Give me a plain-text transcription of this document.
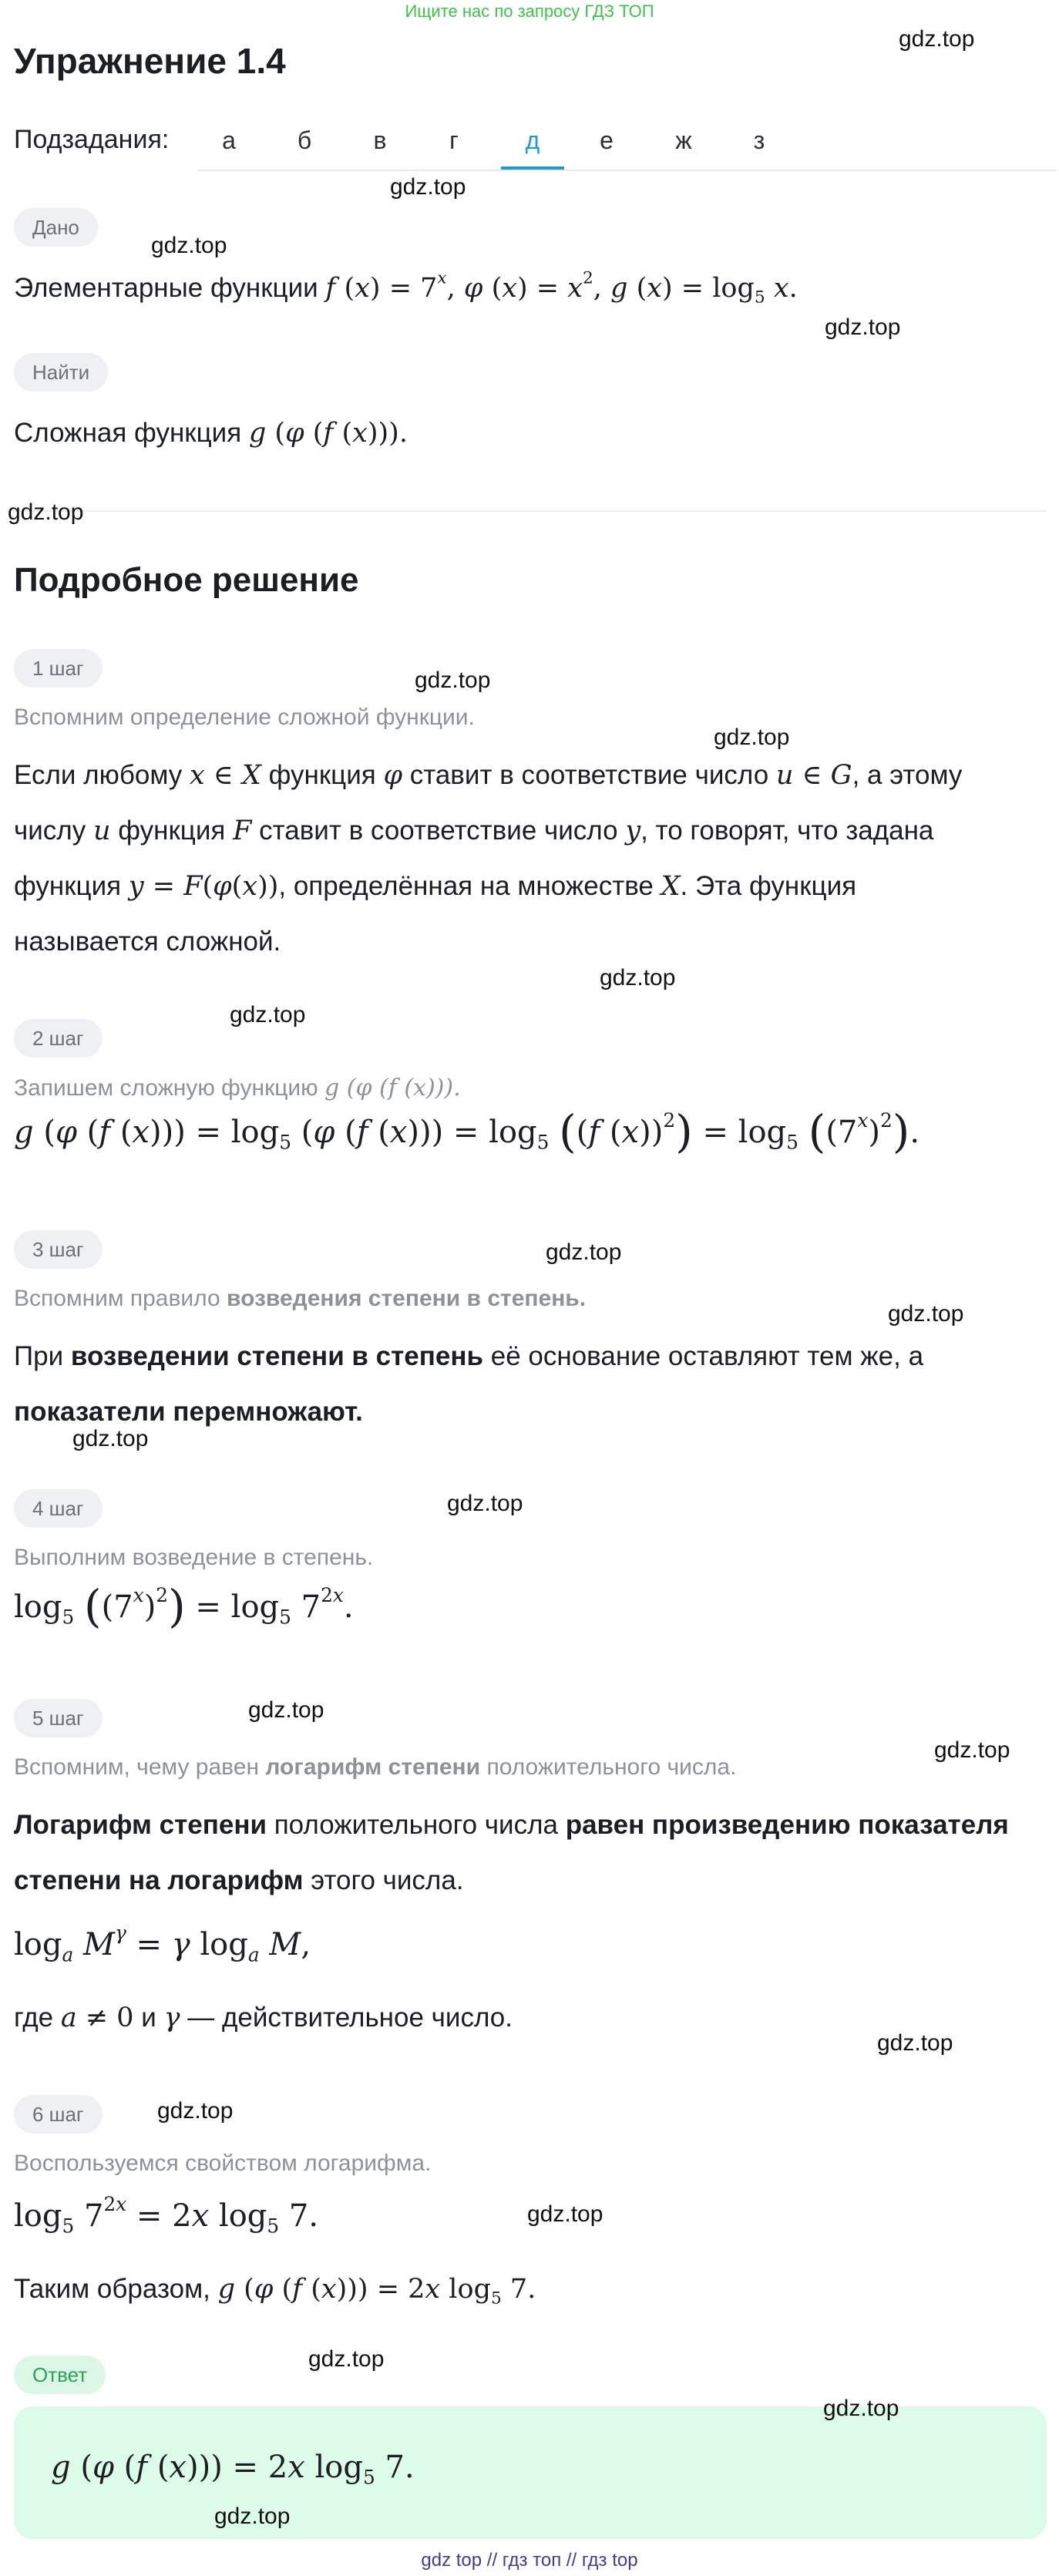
Ищите нас по запросу ГДЗ ТОП
Упражнение 1.4
Подзадания:	а	б	в	г	д	е	ж	з
Дано
Элементарные функции f $(x) = 7^x$, φ $(x) = x^2$, g $(x) = \log_5 x$.
Найти
Сложная функция g (φ (f (x))).
Подробное решение
1 шаг
Вспомним определение сложной функции.
Если любому x ∈ X функция φ ставит в соответствие число u ∈ G, а этому
числу u функция F ставит в соответствие число y, то говорят, что задана
функция y = F(φ(x)), определённая на множестве X. Эта функция
называется сложной.
2 шаг
Запишем сложную функцию g (φ (f (x))).
g (φ (f $(x))) = \log_5 (\varphi$ (f $(x))) = \log_5 ((f$ $(x))^2) = \log_5 ((7^x)^2)$.
3 шаг
Вспомним правило возведения степени в степень.
При возведении степени в степень её основание оставляют тем же, а
показатели перемножают.
4 шаг
Выполним возведение в степень.
$\log_5 ((7^x)^2) = \log_5 7^{2x}$.
5 шаг
Вспомним, чему равен логарифм степени положительного числа.
Логарифм степени положительного числа равен произведению показателя
степени на логарифм этого числа.
$\log_a M^\gamma = \gamma$ $\log_a M$,
где a ≠ 0 и γ — действительное число.
6 шаг
Воспользуемся свойством логарифма.
$\log_5 7^{2x} = 2x$ $\log_5 7$.
Таким образом, g (φ (f (x))) = 2x $\log_5 7$.
Ответ
g (φ (f (x))) = 2x $\log_5 7$.
gdz.top
gdz.top
gdz.top
gdz.top
gdz.top
gdz.top
gdz.top
gdz.top
gdz.top
gdz.top
gdz.top
gdz.top
gdz.top
gdz.top
gdz.top
gdz.top
gdz.top
gdz.top
gdz.top
gdz.top
gdz.top
gdz top // гдз топ // гдз top
